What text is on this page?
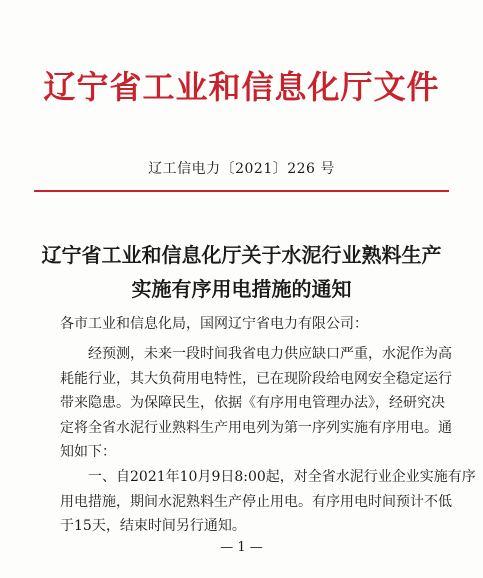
辽宁省工业和信息化厅文件
辽工信电力〔2021〕226 号
辽宁省工业和信息化厅关于水泥行业熟料生产
实施有序用电措施的通知
各市工业和信息化局，国网辽宁省电力有限公司：
经预测，未来一段时间我省电力供应缺口严重，水泥作为高
耗能行业，其大负荷用电特性，已在现阶段给电网安全稳定运行
带来隐患。为保障民生，依据《有序用电管理办法》，经研究决
定将全省水泥行业熟料生产用电列为第一序列实施有序用电。通
知如下：
一、自2021年10月9日8:00起，对全省水泥行业企业实施有序
用电措施，期间水泥熟料生产停止用电。有序用电时间预计不低
于15天，结束时间另行通知。
— 1 —
